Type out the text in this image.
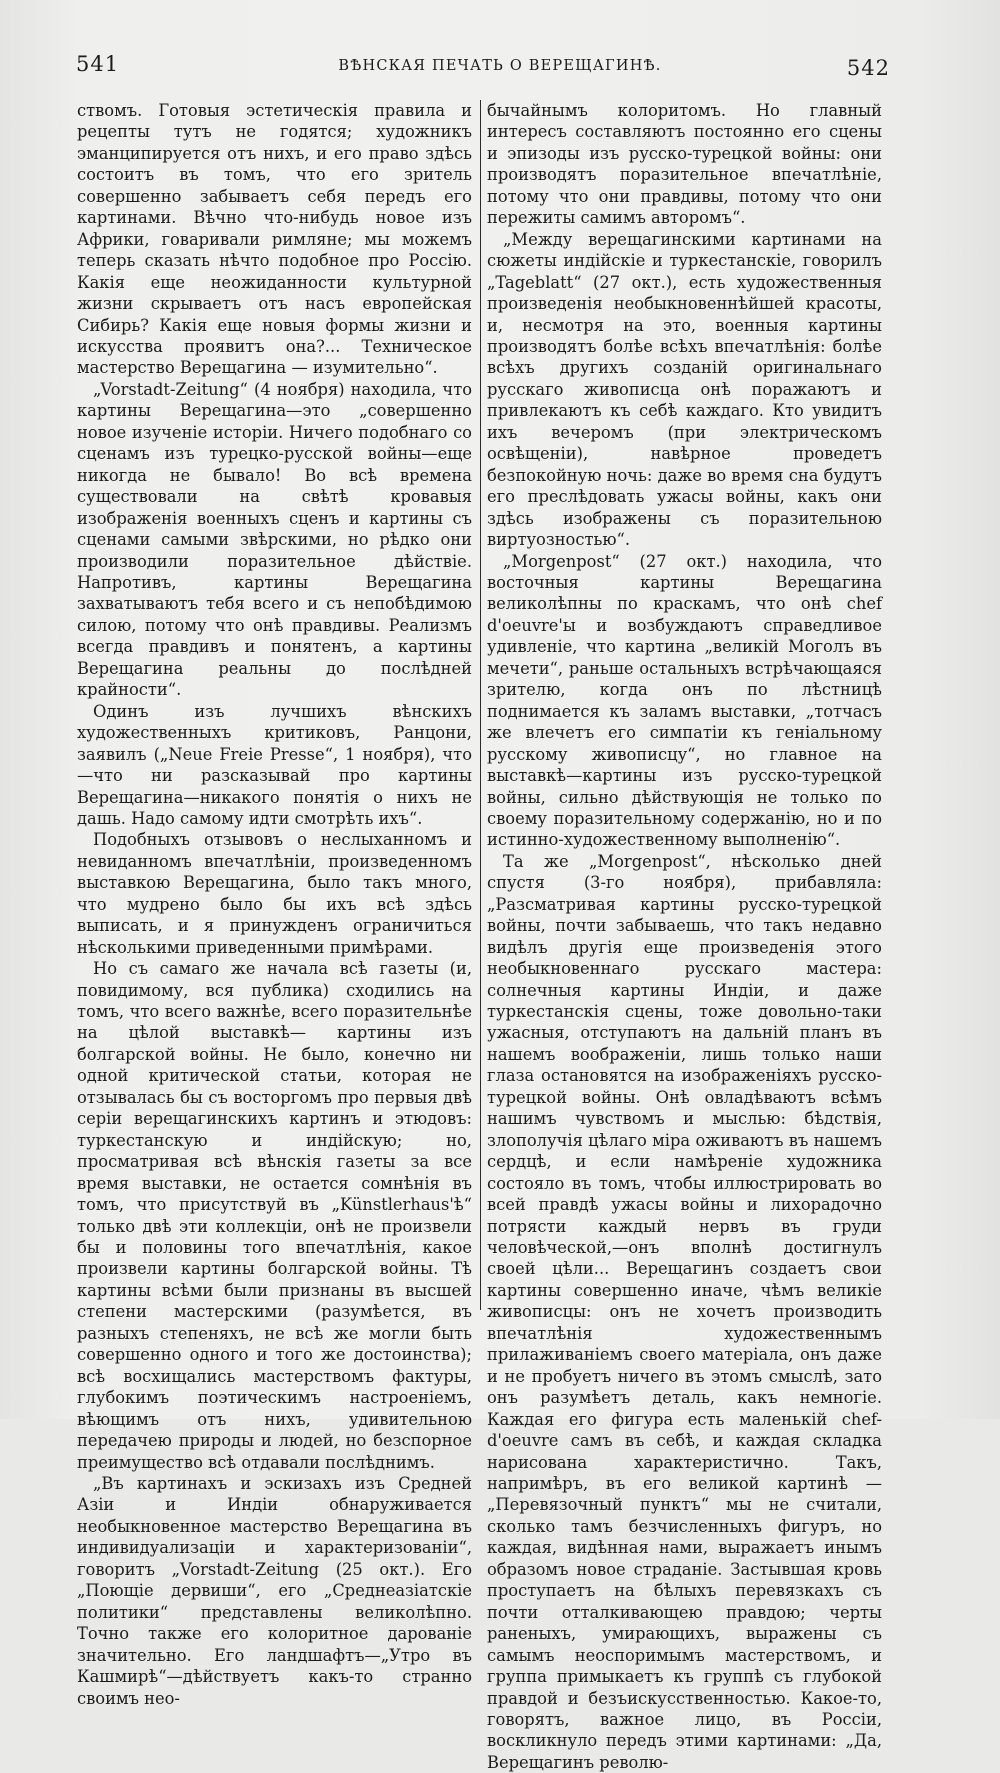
541	ВѢНСКАЯ ПЕЧАТЬ О ВЕРЕЩАГИНѢ.	542

ствомъ. Готовыя эстетическія правила и рецепты тутъ не годятся; художникъ эманципируется отъ нихъ, и его право здѣсь состоитъ въ томъ, что его зритель совершенно забываетъ себя передъ его картинами. Вѣчно что-нибудь новое изъ Африки, говаривали римляне; мы можемъ теперь сказать нѣчто подобное про Россію. Какія еще неожиданности культурной жизни скрываетъ отъ насъ европейская Сибирь? Какія еще новыя формы жизни и искусства проявитъ она?... Техническое мастерство Верещагина — изумительно“.

„Vorstadt-Zeitung“ (4 ноября) находила, что картины Верещагина—это „совершенно новое изученіе исторіи. Ничего подобнаго со сценамъ изъ турецко-русской войны—еще никогда не бывало! Во всѣ времена существовали на свѣтѣ кровавыя изображенія военныхъ сценъ и картины съ сценами самыми звѣрскими, но рѣдко они производили поразительное дѣйствіе. Напротивъ, картины Верещагина захватываютъ тебя всего и съ непобѣдимою силою, потому что онѣ правдивы. Реализмъ всегда правдивъ и понятенъ, а картины Верещагина реальны до послѣдней крайности“.

Одинъ изъ лучшихъ вѣнскихъ художественныхъ критиковъ, Ранцони, заявилъ („Neue Freie Presse“, 1 ноября), что—что ни разсказывай про картины Верещагина—никакого понятія о нихъ не дашь. Надо самому идти смотрѣть ихъ“.

Подобныхъ отзывовъ о неслыханномъ и невиданномъ впечатлѣніи, произведенномъ выставкою Верещагина, было такъ много, что мудрено было бы ихъ всѣ здѣсь выписать, и я принужденъ ограничиться нѣсколькими приведенными примѣрами.

Но съ самаго же начала всѣ газеты (и, повидимому, вся публика) сходились на томъ, что всего важнѣе, всего поразительнѣе на цѣлой выставкѣ— картины изъ болгарской войны. Не было, конечно ни одной критической статьи, которая не отзывалась бы съ восторгомъ про первыя двѣ серіи верещагинскихъ картинъ и этюдовъ: туркестанскую и индійскую; но, просматривая всѣ вѣнскія газеты за все время выставки, не остается сомнѣнія въ томъ, что присутствуй въ „Künstlerhaus'ѣ“ только двѣ эти коллекціи, онѣ не произвели бы и половины того впечатлѣнія, какое произвели картины болгарской войны. Тѣ картины всѣми были признаны въ высшей степени мастерскими (разумѣется, въ разныхъ степеняхъ, не всѣ же могли быть совершенно одного и того же достоинства); всѣ восхищались мастерствомъ фактуры, глубокимъ поэтическимъ настроеніемъ, вѣющимъ отъ нихъ, удивительною передачею природы и людей, но безспорное преимущество всѣ отдавали послѣднимъ.

„Въ картинахъ и эскизахъ изъ Средней Азіи и Индіи обнаруживается необыкновенное мастерство Верещагина въ индивидуализаціи и характеризованіи“, говоритъ „Vorstadt-Zeitung (25 окт.). Его „Поющіе дервиши“, его „Среднеазіатскіе политики“ представлены великолѣпно. Точно также его колоритное дарованіе значительно. Его ландшафтъ—„Утро въ Кашмирѣ“—дѣйствуетъ какъ-то странно своимъ нео-

бычайнымъ колоритомъ. Но главный интересъ составляютъ постоянно его сцены и эпизоды изъ русско-турецкой войны: они производятъ поразительное впечатлѣніе, потому что они правдивы, потому что они пережиты самимъ авторомъ“.

„Между верещагинскими картинами на сюжеты индійскіе и туркестанскіе, говорилъ „Tageblatt“ (27 окт.), есть художественныя произведенія необыкновеннѣйшей красоты, и, несмотря на это, военныя картины производятъ болѣе всѣхъ впечатлѣнія: болѣе всѣхъ другихъ созданій оригинальнаго русскаго живописца онѣ поражаютъ и привлекаютъ къ себѣ каждаго. Кто увидитъ ихъ вечеромъ (при электрическомъ освѣщеніи), навѣрное проведетъ безпокойную ночь: даже во время сна будутъ его преслѣдовать ужасы войны, какъ они здѣсь изображены съ поразительною виртуозностью“.

„Morgenpost“ (27 окт.) находила, что восточныя картины Верещагина великолѣпны по краскамъ, что онѣ chef d'oeuvre'ы и возбуждаютъ справедливое удивленіе, что картина „великій Моголъ въ мечети“, раньше остальныхъ встрѣчающаяся зрителю, когда онъ по лѣстницѣ поднимается къ заламъ выставки, „тотчасъ же влечетъ его симпатіи къ геніальному русскому живописцу“, но главное на выставкѣ—картины изъ русско-турецкой войны, сильно дѣйствующія не только по своему поразительному содержанію, но и по истинно-художественному выполненію“.

Та же „Morgenpost“, нѣсколько дней спустя (3-го ноября), прибавляла: „Разсматривая картины русско-турецкой войны, почти забываешь, что такъ недавно видѣлъ другія еще произведенія этого необыкновеннаго русскаго мастера: солнечныя картины Индіи, и даже туркестанскія сцены, тоже довольно-таки ужасныя, отступаютъ на дальній планъ въ нашемъ воображеніи, лишь только наши глаза остановятся на изображеніяхъ русско-турецкой войны. Онѣ овладѣваютъ всѣмъ нашимъ чувствомъ и мыслью: бѣдствія, злополучія цѣлаго міра оживаютъ въ нашемъ сердцѣ, и если намѣреніе художника состояло въ томъ, чтобы иллюстрировать во всей правдѣ ужасы войны и лихорадочно потрясти каждый нервъ въ груди человѣческой,—онъ вполнѣ достигнулъ своей цѣли... Верещагинъ создаетъ свои картины совершенно иначе, чѣмъ великіе живописцы: онъ не хочетъ производить впечатлѣнія художественнымъ прилаживаніемъ своего матеріала, онъ даже и не пробуетъ ничего въ этомъ смыслѣ, зато онъ разумѣетъ деталь, какъ немногіе. Каждая его фигура есть маленькій chef-d'oeuvre самъ въ себѣ, и каждая складка нарисована характеристично. Такъ, напримѣръ, въ его великой картинѣ —„Перевязочный пунктъ“ мы не считали, сколько тамъ безчисленныхъ фигуръ, но каждая, видѣнная нами, выражаетъ инымъ образомъ новое страданіе. Застывшая кровь проступаетъ на бѣлыхъ перевязкахъ съ почти отталкивающею правдою; черты раненыхъ, умирающихъ, выражены съ самымъ неоспоримымъ мастерствомъ, и группа примыкаетъ къ группѣ съ глубокой правдой и безъискусственностью. Какое-то, говорятъ, важное лицо, въ Россіи, воскликнуло передъ этими картинами: „Да, Верещагинъ револю-
